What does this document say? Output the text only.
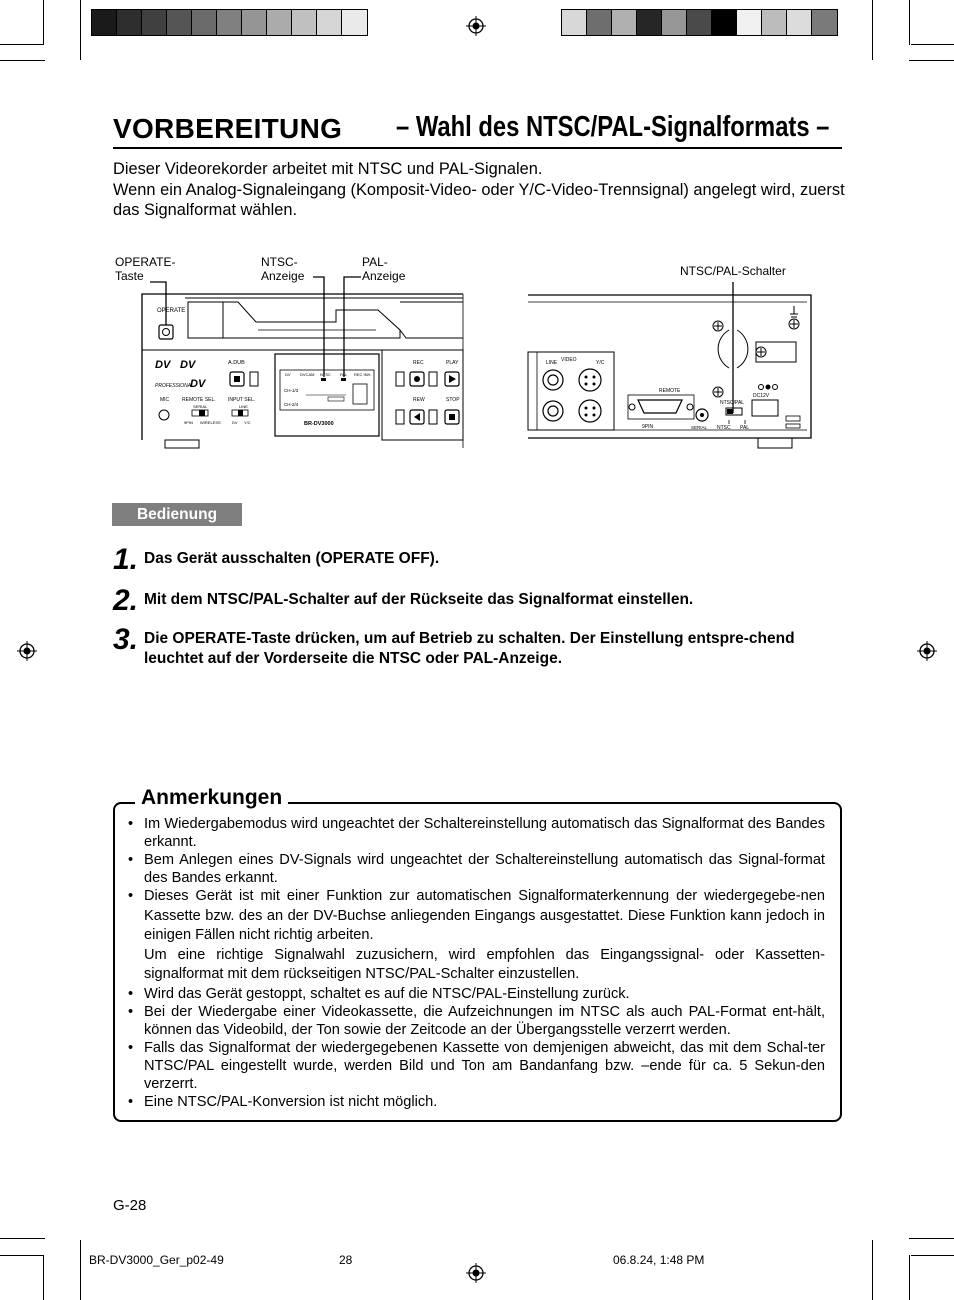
VORBEREITUNG – Wahl des NTSC/PAL-Signalformats –

Dieser Videorekorder arbeitet mit NTSC und PAL-Signalen.

Wenn ein Analog-Signaleingang (Komposit-Video- oder Y/C-Video-Trennsignal) angelegt wird, zuerst das Signalformat wählen.

OPERATE-
Taste
NTSC-
Anzeige
PAL-
Anzeige
OPERATE
DV DV
PROFESSIONAL
DV
A.DUB
MIC	REMOTE SEL.
SERIAL
9PIN WIRELESS
INPUT SEL.
LINE
DV Y/C
DV DVCAM NTSC PAL REC INH.
CH-1/3
CH-2/4
BR-DV3000
REC	PLAY
REW	STOP
NTSC/PAL-Schalter
LINE VIDEO	Y/C
REMOTE
9PIN	SERIAL
NTSC/PAL
NTSC PAL
DC12V
Bedienung
1. Das Gerät ausschalten (OPERATE OFF).
2. Mit dem NTSC/PAL-Schalter auf der Rückseite das Signalformat einstellen.
3. Die OPERATE-Taste drücken, um auf Betrieb zu schalten. Der Einstellung entspre-chend leuchtet auf der Vorderseite die NTSC oder PAL-Anzeige.
Anmerkungen
• Im Wiedergabemodus wird ungeachtet der Schaltereinstellung automatisch das Signalformat des Bandes erkannt.
• Bem Anlegen eines DV-Signals wird ungeachtet der Schaltereinstellung automatisch das Signal-format des Bandes erkannt.
• Dieses Gerät ist mit einer Funktion zur automatischen Signalformaterkennung der wiedergegebe-nen Kassette bzw. des an der DV-Buchse anliegenden Eingangs ausgestattet. Diese Funktion kann jedoch in einigen Fällen nicht richtig arbeiten.
Um eine richtige Signalwahl zuzusichern, wird empfohlen das Eingangssignal- oder Kassetten-signalformat mit dem rückseitigen NTSC/PAL-Schalter einzustellen.
• Wird das Gerät gestoppt, schaltet es auf die NTSC/PAL-Einstellung zurück.
• Bei der Wiedergabe einer Videokassette, die Aufzeichnungen im NTSC als auch PAL-Format ent-hält, können das Videobild, der Ton sowie der Zeitcode an der Übergangsstelle verzerrt werden.
• Falls das Signalformat der wiedergegebenen Kassette von demjenigen abweicht, das mit dem Schal-ter NTSC/PAL eingestellt wurde, werden Bild und Ton am Bandanfang bzw. –ende für ca. 5 Sekun-den verzerrt.
• Eine NTSC/PAL-Konversion ist nicht möglich.
G-28
BR-DV3000_Ger_p02-49	28	06.8.24, 1:48 PM
